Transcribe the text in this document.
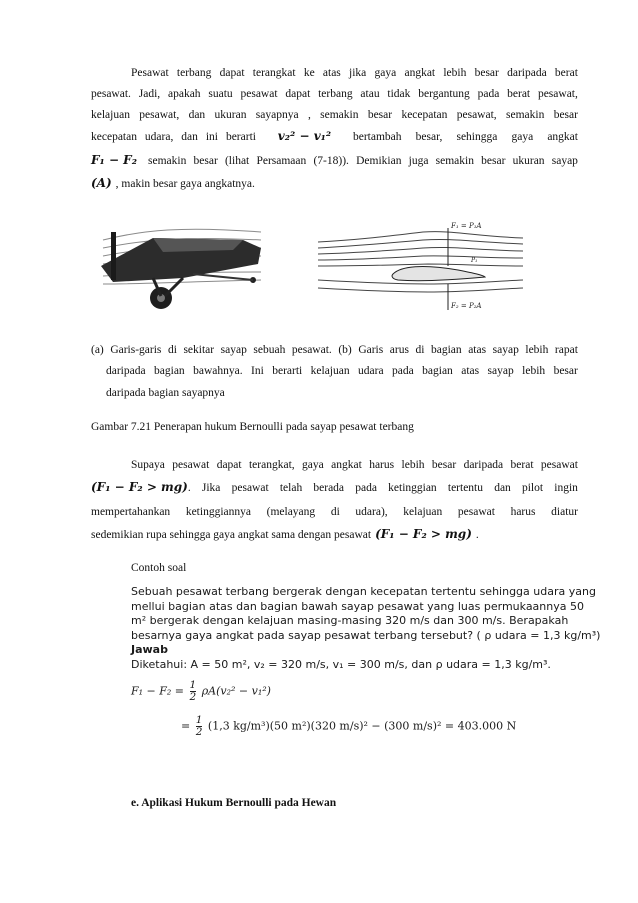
Pesawat terbang dapat terangkat ke atas jika gaya angkat lebih besar daripada berat
pesawat. Jadi, apakah suatu pesawat dapat terbang atau tidak bergantung pada berat pesawat,
kelajuan pesawat, dan ukuran sayapnya , semakin besar kecepatan pesawat, semakin besar
kecepatan udara, dan ini berarti v₂² − v₁² bertambah besar, sehingga gaya angkat
F₁ − F₂ semakin besar (lihat Persamaan (7-18)). Demikian juga semakin besar ukuran sayap
(A) , makin besar gaya angkatnya.
F₁ = P₁A
P₁
F₂ = P₂A
(a) Garis-garis di sekitar sayap sebuah pesawat. (b) Garis arus di bagian atas sayap lebih rapat
daripada bagian bawahnya. Ini berarti kelajuan udara pada bagian atas sayap lebih besar
daripada bagian sayapnya
Gambar 7.21 Penerapan hukum Bernoulli pada sayap pesawat terbang
Supaya pesawat dapat terangkat, gaya angkat harus lebih besar daripada berat pesawat
(F₁ − F₂ > mg) . Jika pesawat telah berada pada ketinggian tertentu dan pilot ingin
mempertahankan ketinggiannya (melayang di udara), kelajuan pesawat harus diatur
sedemikian rupa sehingga gaya angkat sama dengan pesawat (F₁ − F₂ > mg) .
Contoh soal
Sebuah pesawat terbang bergerak dengan kecepatan tertentu sehingga udara yang
mellui bagian atas dan bagian bawah sayap pesawat yang luas permukaannya 50
m² bergerak dengan kelajuan masing-masing 320 m/s dan 300 m/s. Berapakah
besarnya gaya angkat pada sayap pesawat terbang tersebut? ( ρ udara = 1,3 kg/m³)
Jawab
Diketahui: A = 50 m², v₂ = 320 m/s, v₁ = 300 m/s, dan ρ udara = 1,3 kg/m³.
$F_1 - F_2 = \frac{1}{2} \rho A(v_2^2 - v_1^2)$
= $\frac{1}{2} (1,3$ kg/m³)(50 m²)(320 m/s)² − (300 m/s)² = 403.000 N
e. Aplikasi Hukum Bernoulli pada Hewan
